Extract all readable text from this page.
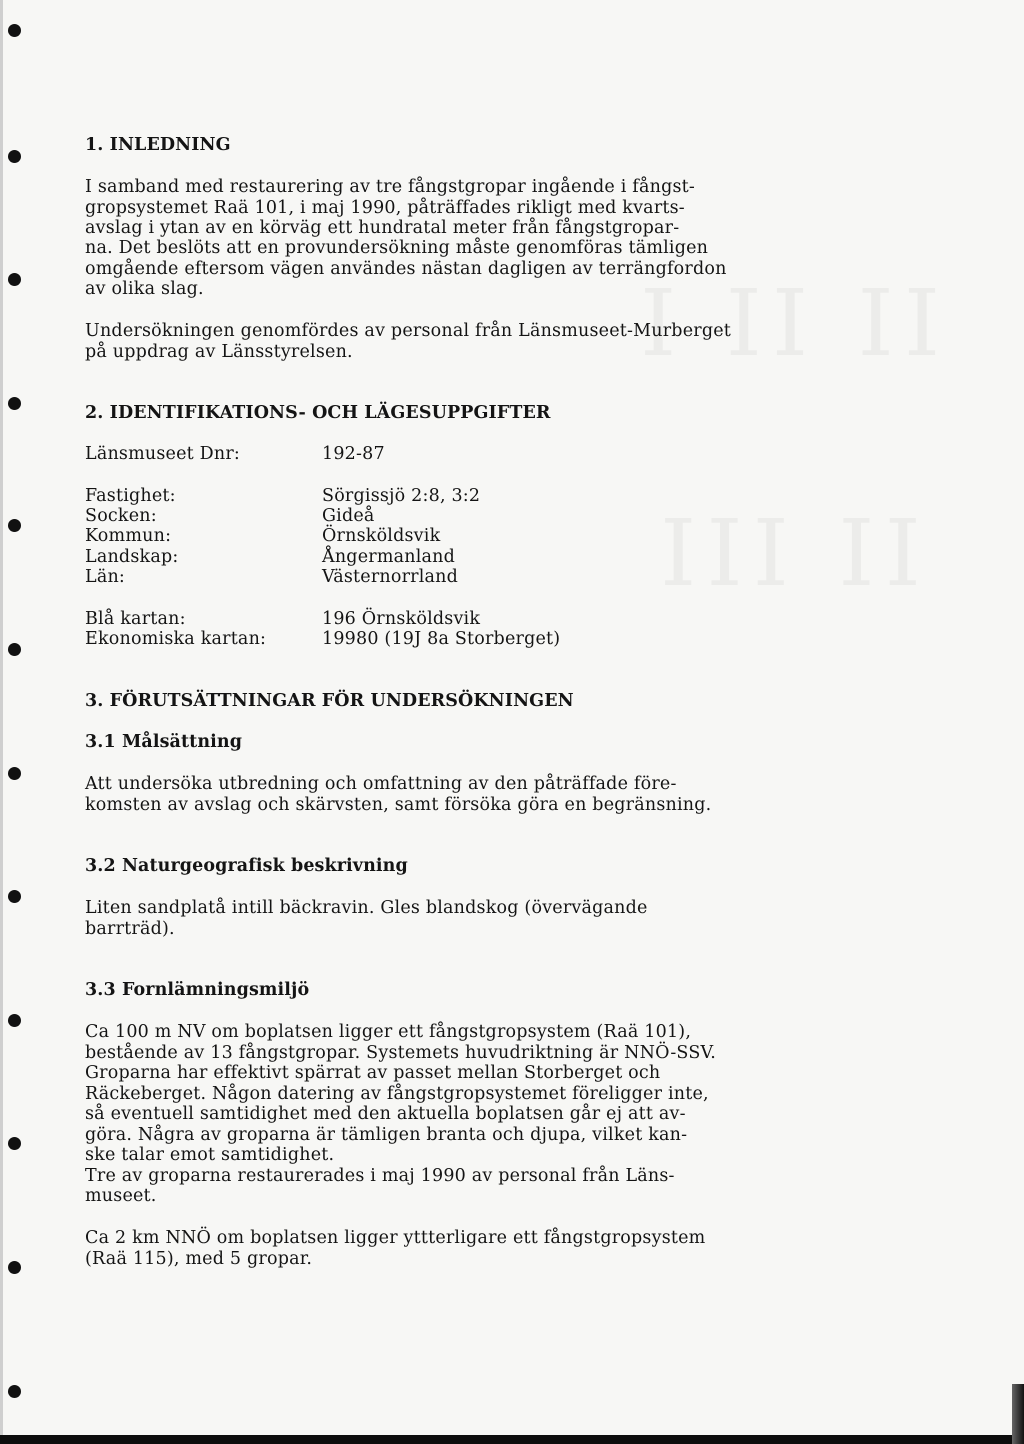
1. INLEDNING
I samband med restaurering av tre fångstgropar ingående i fångst-
gropsystemet Raä 101, i maj 1990, påträffades rikligt med kvarts-
avslag i ytan av en körväg ett hundratal meter från fångstgropar-
na. Det beslöts att en provundersökning måste genomföras tämligen
omgående eftersom vägen användes nästan dagligen av terrängfordon
av olika slag.
Undersökningen genomfördes av personal från Länsmuseet-Murberget
på uppdrag av Länsstyrelsen.
2. IDENTIFIKATIONS- OCH LÄGESUPPGIFTER
Länsmuseet Dnr:	192-87
Fastighet:	Sörgissjö 2:8, 3:2
Socken:	Gideå
Kommun:	Örnsköldsvik
Landskap:	Ångermanland
Län:	Västernorrland
Blå kartan:	196 Örnsköldsvik
Ekonomiska kartan:	19980 (19J 8a Storberget)
3. FÖRUTSÄTTNINGAR FÖR UNDERSÖKNINGEN
3.1 Målsättning
Att undersöka utbredning och omfattning av den påträffade före-
komsten av avslag och skärvsten, samt försöka göra en begränsning.
3.2 Naturgeografisk beskrivning
Liten sandplatå intill bäckravin. Gles blandskog (övervägande
barrträd).
3.3 Fornlämningsmiljö
Ca 100 m NV om boplatsen ligger ett fångstgropsystem (Raä 101),
bestående av 13 fångstgropar. Systemets huvudriktning är NNÖ-SSV.
Groparna har effektivt spärrat av passet mellan Storberget och
Räckeberget. Någon datering av fångstgropsystemet föreligger inte,
så eventuell samtidighet med den aktuella boplatsen går ej att av-
göra. Några av groparna är tämligen branta och djupa, vilket kan-
ske talar emot samtidighet.
Tre av groparna restaurerades i maj 1990 av personal från Läns-
museet.
Ca 2 km NNÖ om boplatsen ligger yttterligare ett fångstgropsystem
(Raä 115), med 5 gropar.
